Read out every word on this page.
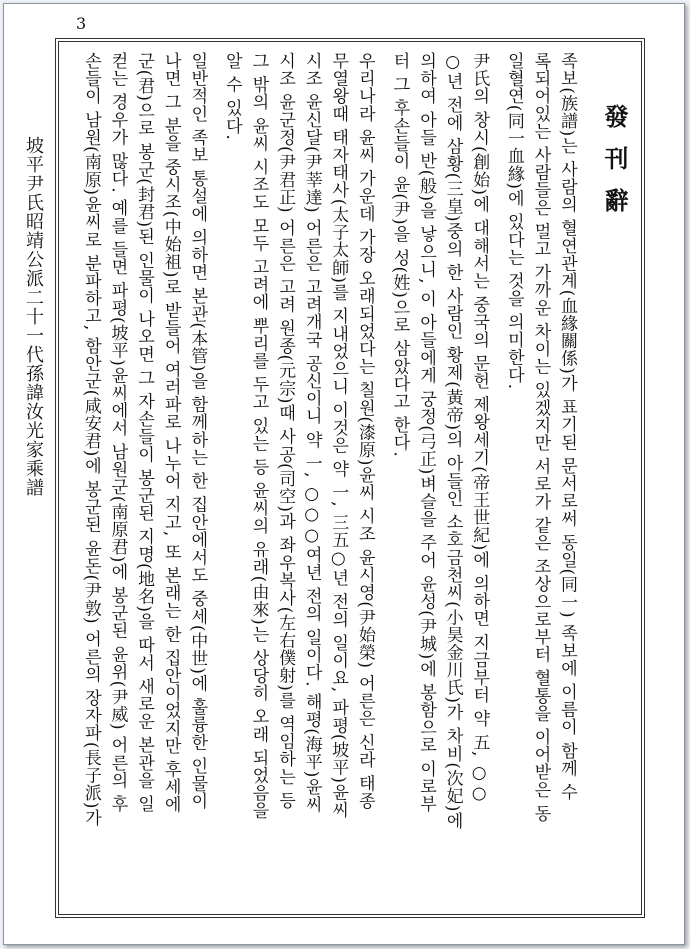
3
坡平尹氏昭靖公派二十一代孫諱汝光家乘譜	發刊辭
족보(族譜)는 사람의 혈연관계(血緣關係)가 표기된 문서로써 동일(同一) 족보에 이름이 함께 수
록되어있는 사람들은 멀고 가까운 차이는 있겠지만 서로가 같은 조상으로부터 혈통을 이어받은 동
일혈연(同一血緣)에 있다는 것을 의미한다.
尹氏의 창시(創始)에 대해서는 중국의 문헌 제왕세기(帝王世紀)에 의하면 지금부터 약 五, ○○
○년 전에 삼황(三皇)중의 한 사람인 황제(黃帝)의 아들인 소호금천씨(小昊金川氏)가 차비(次妃)에
의하여 아들 반(般)을 낳으니, 이 아들에게 궁정(弓正)벼슬을 주어 윤성(尹城)에 봉함으로 이로부
터 그 후손들이 윤(尹)을 성(姓)으로 삼았다고 한다.
우리나라 윤씨 가운데 가장 오래되었다는 칠원(漆原)윤씨 시조 윤시영(尹始榮) 어른은 신라 태종
무열왕때 태자태사(太子太師)를 지내었으니 이것은 약 一, 三五○년 전의 일이요, 파평(坡平)윤씨
시조 윤신달(尹莘達) 어른은 고려개국 공신이니 약 一, ○○○여년 전의 일이다. 해평(海平)윤씨
시조 윤군정(尹君正) 어른은 고려 원종(元宗)때 사공(司空)과 좌우복사(左右僕射)를 역임하는 등
그 밖의 윤씨 시조도 모두 고려에 뿌리를 두고 있는 등 윤씨의 유래(由來)는 상당히 오래 되었음을
알 수 있다.
일반적인 족보 통설에 의하면 본관(本管)을 함께하는 한 집안에서도 중세(中世)에 훌륭한 인물이
나면 그 분을 중시조(中始祖)로 받들어 여러파로 나누어 지고, 또 본래는 한 집안이었지만 후세에
군(君)으로 봉군(封君)된 인물이 나오면 그 자손들이 봉군된 지명(地名)을 따서 새로운 본관을 일
컫는 경우가 많다. 예를 들면 파평(坡平)윤씨에서 남원군(南原君)에 봉군된 윤위(尹威) 어른의 후
손들이 남원(南原)윤씨로 분파하고, 함안군(咸安君)에 봉군된 윤돈(尹敦) 어른의 장자파(長子派)가
